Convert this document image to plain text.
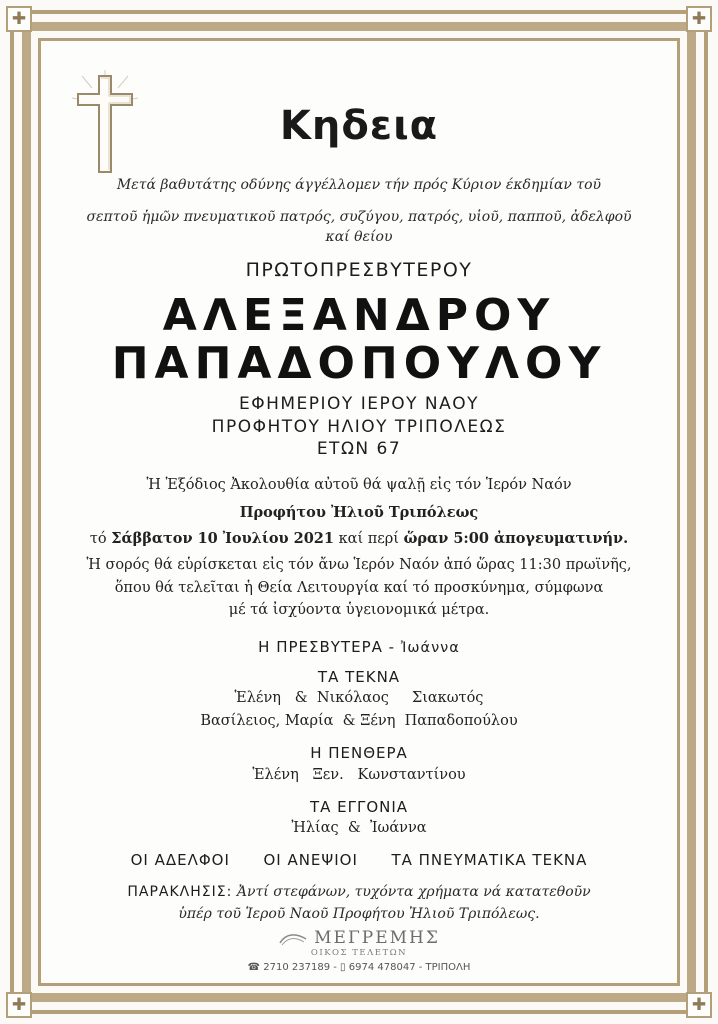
✚	✚
✚	✚
Κηδεια
Μετά βαθυτάτης οδύνης άγγέλλομεν τήν πρός Κύριον έκδημίαν τοῦ
σεπτοῦ ἡμῶν πνευματικοῦ πατρός, συζύγου, πατρός, υἱοῦ, παπποῦ, ἀδελφοῦ
καί θείου
ΠΡΩΤΟΠΡΕΣΒΥΤΕΡΟΥ
ΑΛΕΞΑΝΔΡΟΥ
ΠΑΠΑΔΟΠΟΥΛΟΥ
ΕΦΗΜΕΡΙΟΥ ΙΕΡΟΥ ΝΑΟΥ
ΠΡΟΦΗΤΟΥ ΗΛΙΟΥ ΤΡΙΠΟΛΕΩΣ
ΕΤΩΝ 67
Ἡ Ἐξόδιος Ἀκολουθία αὐτοῦ θά ψαλῇ εἰς τόν Ἱερόν Ναόν
Προφήτου Ἠλιοῦ Τριπόλεως
τό Σάββατον 10 Ἰουλίου 2021 καί περί ὥραν 5:00 ἀπογευματινήν.
Ἡ σορός θά εὑρίσκεται εἰς τόν ἄνω Ἱερόν Ναόν ἀπό ὥρας 11:30 πρωϊνῆς,
ὅπου θά τελεῖται ἡ Θεία Λειτουργία καί τό προσκύνημα, σύμφωνα
μέ τά ἰσχύοντα ὑγειονομικά μέτρα.
Η ΠΡΕΣΒΥΤΕΡΑ - Ἰωάννα
ΤΑ ΤΕΚΝΑ
Ἑλένη   &  Νικόλαος     Σιακωτός
Βασίλειος, Μαρία  & Ξένη  Παπαδοπούλου
Η ΠΕΝΘΕΡΑ
Ἑλένη   Ξεν.   Κωνσταντίνου
ΤΑ ΕΓΓΟΝΙΑ
Ἠλίας  &  Ἰωάννα
ΟΙ ΑΔΕΛΦΟΙ ΟΙ ΑΝΕΨΙΟΙ ΤΑ ΠΝΕΥΜΑΤΙΚΑ ΤΕΚΝΑ
ΠΑΡΑΚΛΗΣΙΣ: Ἀντί στεφάνων, τυχόντα χρήματα νά κατατεθοῦν
ὑπέρ τοῦ Ἱεροῦ Ναοῦ Προφήτου Ἠλιοῦ Τριπόλεως.
ΜΕΓΡΕΜΗΣ
ΟΙΚΟΣ ΤΕΛΕΤΩΝ
☎ 2710 237189 - ▯ 6974 478047 - ΤΡΙΠΟΛΗ
